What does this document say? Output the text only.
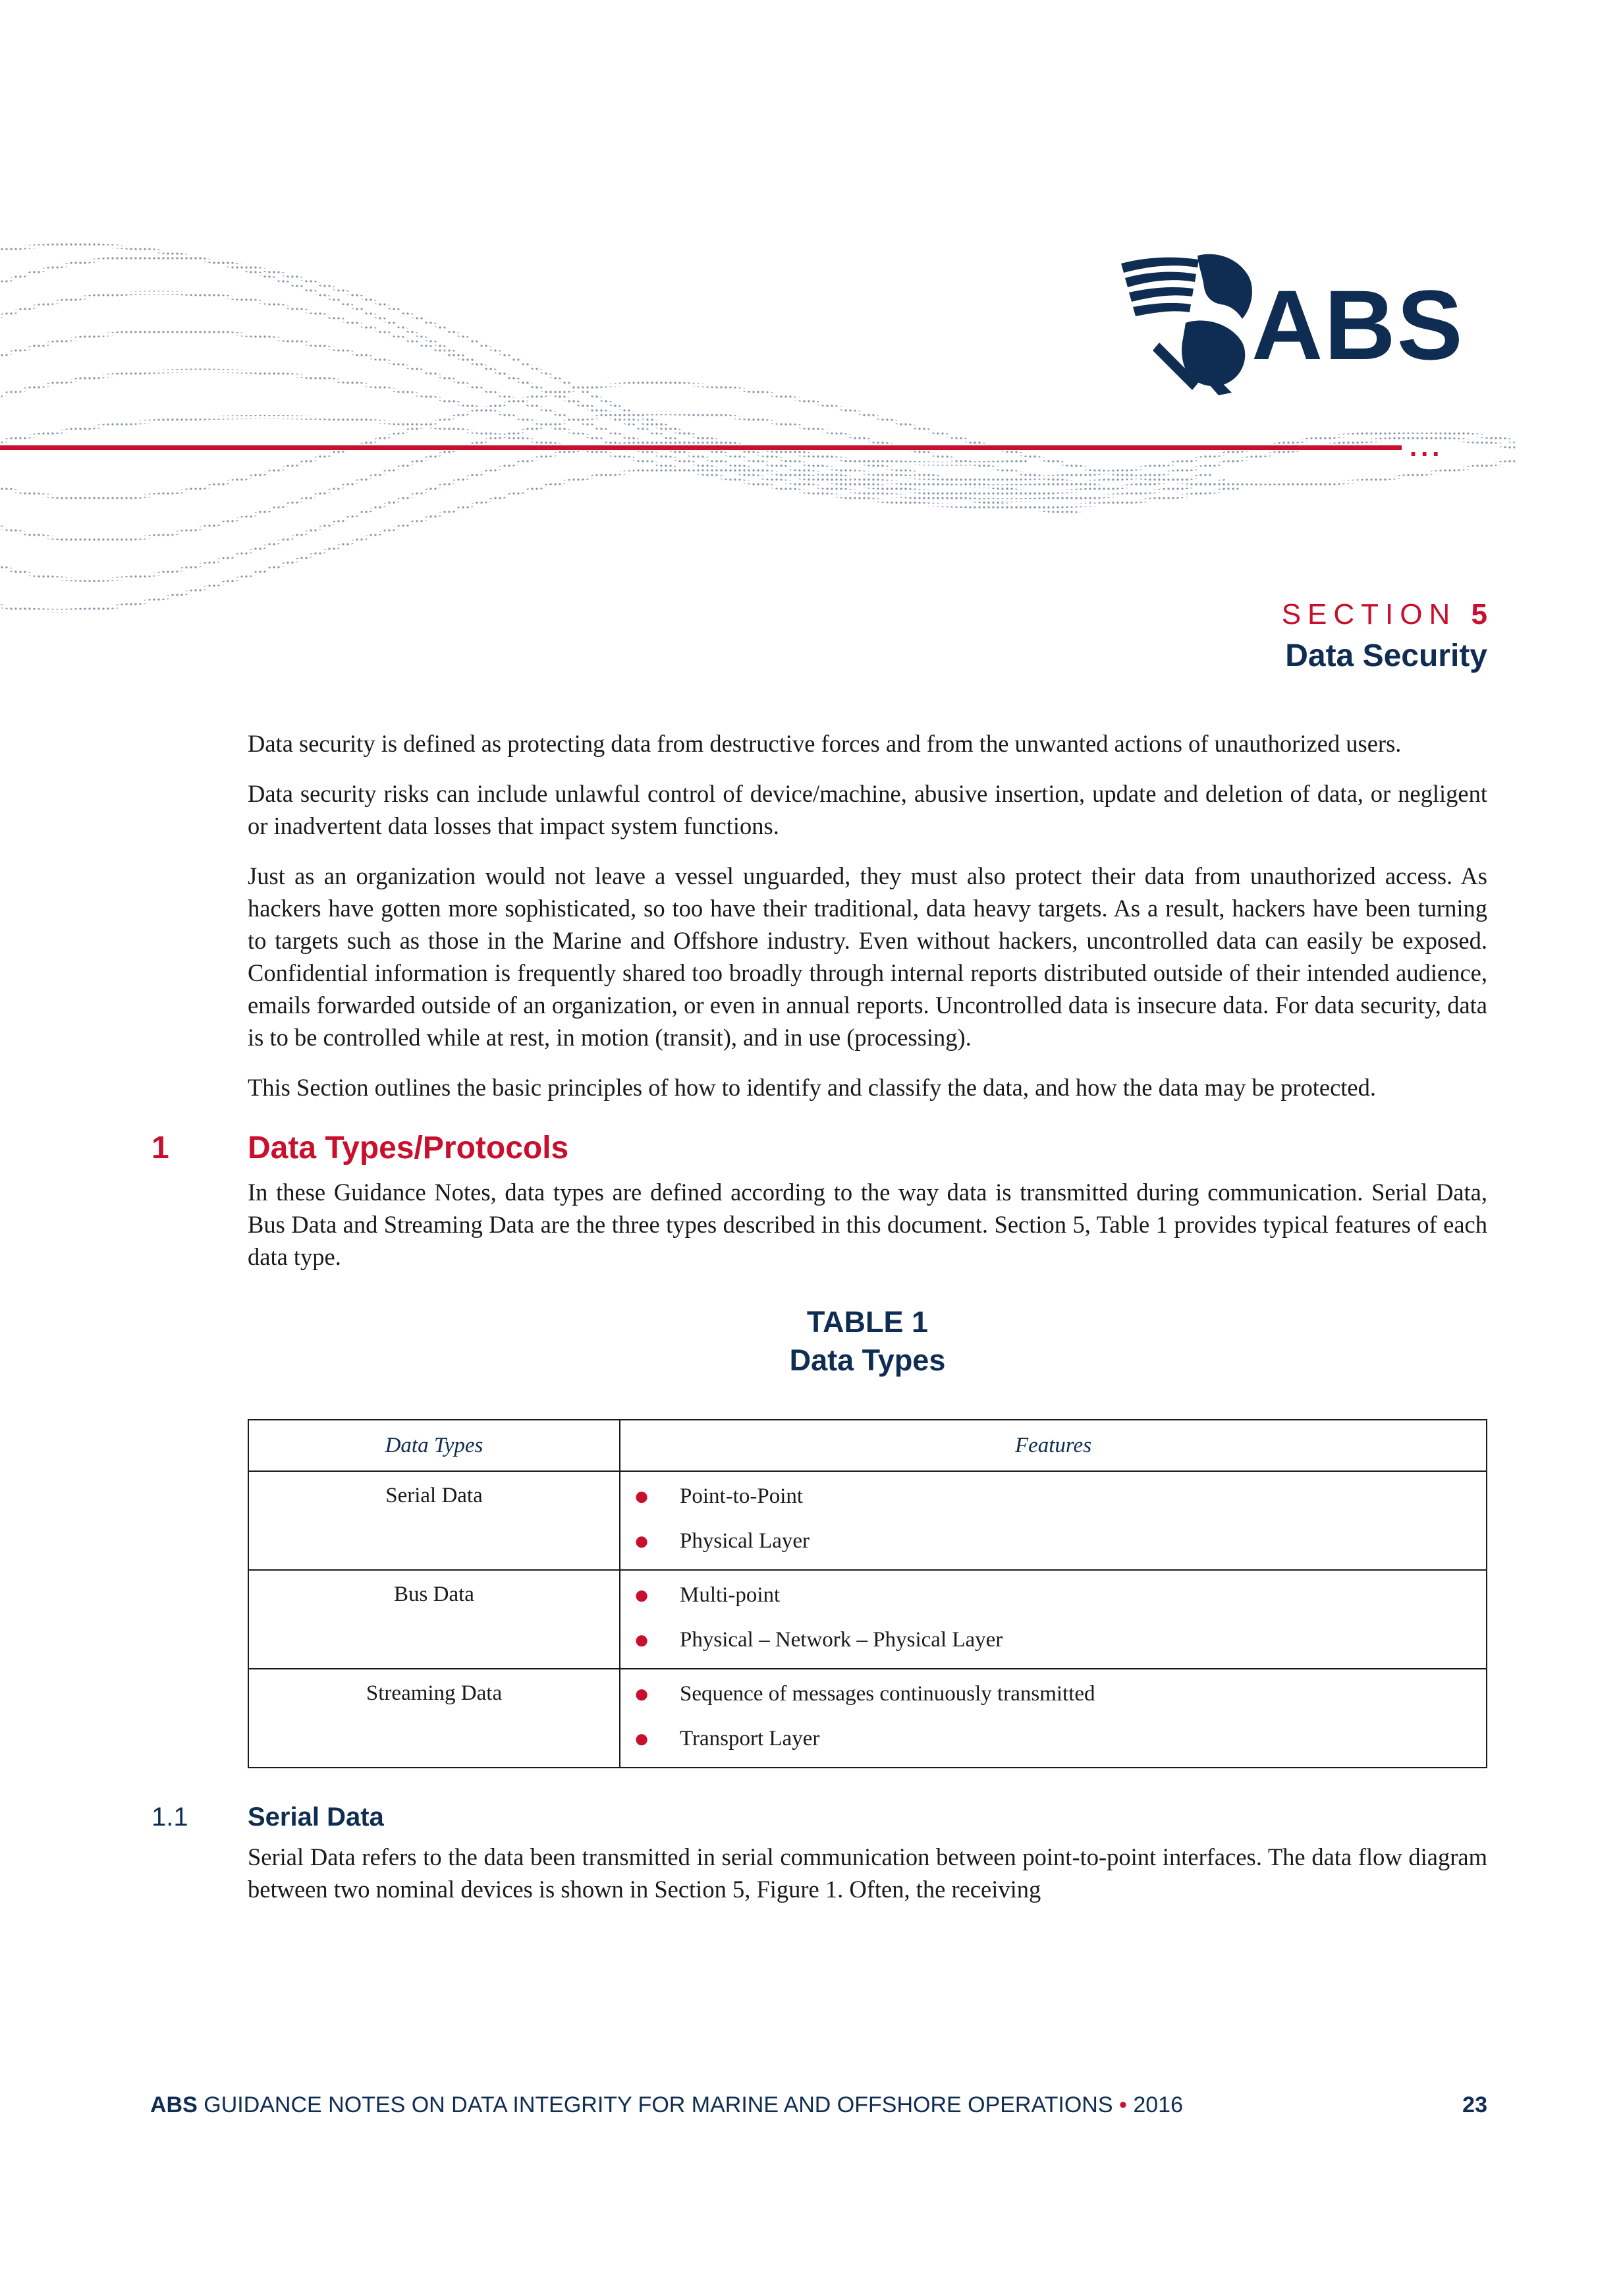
...
ABS
SECTION 5
Data Security

Data security is defined as protecting data from destructive forces and from the unwanted actions of unauthorized users.

Data security risks can include unlawful control of device/machine, abusive insertion, update and deletion of data, or negligent or inadvertent data losses that impact system functions.

Just as an organization would not leave a vessel unguarded, they must also protect their data from unauthorized access. As hackers have gotten more sophisticated, so too have their traditional, data heavy targets. As a result, hackers have been turning to targets such as those in the Marine and Offshore industry. Even without hackers, uncontrolled data can easily be exposed. Confidential information is frequently shared too broadly through internal reports distributed outside of their intended audience, emails forwarded outside of an organization, or even in annual reports. Uncontrolled data is insecure data. For data security, data is to be controlled while at rest, in motion (transit), and in use (processing).

This Section outlines the basic principles of how to identify and classify the data, and how the data may be protected.

1 Data Types/Protocols

In these Guidance Notes, data types are defined according to the way data is transmitted during communication. Serial Data, Bus Data and Streaming Data are the three types described in this document. Section 5, Table 1 provides typical features of each data type.

TABLE 1
Data Types
Data Types	Features
Serial Data	● Point-to-Point
● Physical Layer

Bus Data	● Multi-point
● Physical – Network – Physical Layer

Streaming Data	● Sequence of messages continuously transmitted
● Transport Layer
1.1 Serial Data

Serial Data refers to the data been transmitted in serial communication between point-to-point interfaces. The data flow diagram between two nominal devices is shown in Section 5, Figure 1. Often, the receiving

ABS GUIDANCE NOTES ON DATA INTEGRITY FOR MARINE AND OFFSHORE OPERATIONS • 2016	23
